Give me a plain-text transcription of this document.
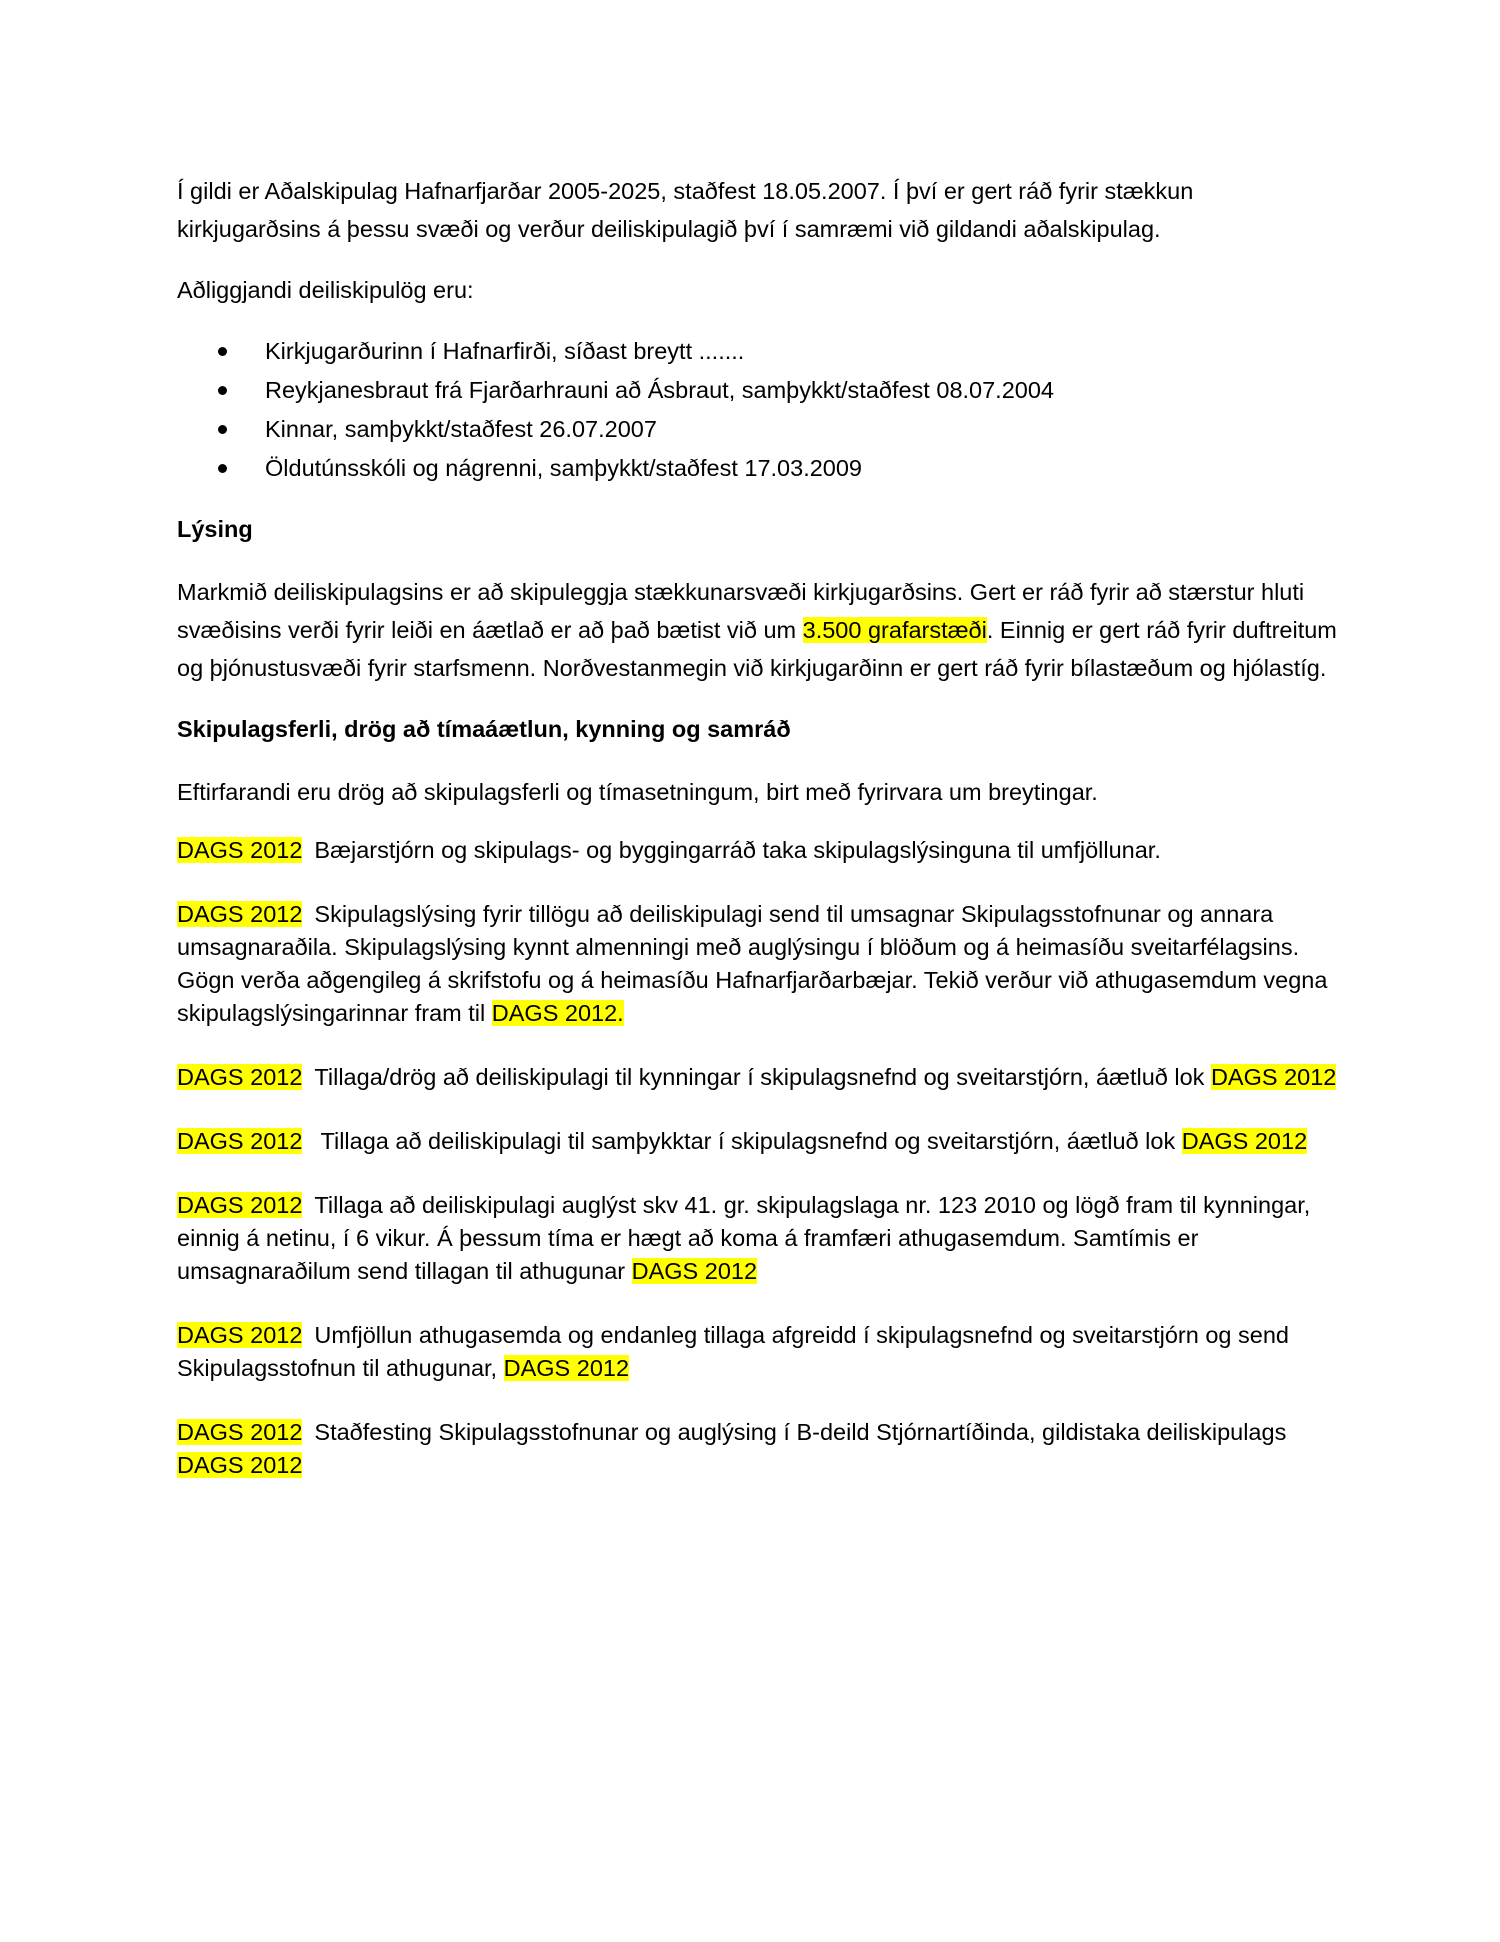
Í gildi er Aðalskipulag Hafnarfjarðar 2005-2025, staðfest 18.05.2007. Í því er gert ráð fyrir stækkun
kirkjugarðsins á þessu svæði og verður deiliskipulagið því í samræmi við gildandi aðalskipulag.

Aðliggjandi deiliskipulög eru:

Kirkjugarðurinn í Hafnarfirði, síðast breytt .......
Reykjanesbraut frá Fjarðarhrauni að Ásbraut, samþykkt/staðfest 08.07.2004
Kinnar, samþykkt/staðfest 26.07.2007
Öldutúnsskóli og nágrenni, samþykkt/staðfest 17.03.2009

Lýsing

Markmið deiliskipulagsins er að skipuleggja stækkunarsvæði kirkjugarðsins. Gert er ráð fyrir að stærstur hluti svæðisins verði fyrir leiði en áætlað er að það bætist við um 3.500 grafarstæði. Einnig er gert ráð fyrir duftreitum og þjónustusvæði fyrir starfsmenn. Norðvestanmegin við kirkjugarðinn er gert ráð fyrir bílastæðum og hjólastíg.

Skipulagsferli, drög að tímaáætlun, kynning og samráð

Eftirfarandi eru drög að skipulagsferli og tímasetningum, birt með fyrirvara um breytingar.

DAGS 2012 Bæjarstjórn og skipulags- og byggingarráð taka skipulagslýsinguna til umfjöllunar.

DAGS 2012 Skipulagslýsing fyrir tillögu að deiliskipulagi send til umsagnar Skipulagsstofnunar og annara umsagnaraðila. Skipulagslýsing kynnt almenningi með auglýsingu í blöðum og á heimasíðu sveitarfélagsins. Gögn verða aðgengileg á skrifstofu og á heimasíðu Hafnarfjarðarbæjar. Tekið verður við athugasemdum vegna skipulagslýsingarinnar fram til DAGS 2012.

DAGS 2012 Tillaga/drög að deiliskipulagi til kynningar í skipulagsnefnd og sveitarstjórn, áætluð lok DAGS 2012

DAGS 2012 Tillaga að deiliskipulagi til samþykktar í skipulagsnefnd og sveitarstjórn, áætluð lok DAGS 2012

DAGS 2012 Tillaga að deiliskipulagi auglýst skv 41. gr. skipulagslaga nr. 123 2010 og lögð fram til kynningar, einnig á netinu, í 6 vikur. Á þessum tíma er hægt að koma á framfæri athugasemdum. Samtímis er umsagnaraðilum send tillagan til athugunar DAGS 2012

DAGS 2012 Umfjöllun athugasemda og endanleg tillaga afgreidd í skipulagsnefnd og sveitarstjórn og send Skipulagsstofnun til athugunar, DAGS 2012

DAGS 2012 Staðfesting Skipulagsstofnunar og auglýsing í B-deild Stjórnartíðinda, gildistaka deiliskipulags DAGS 2012
